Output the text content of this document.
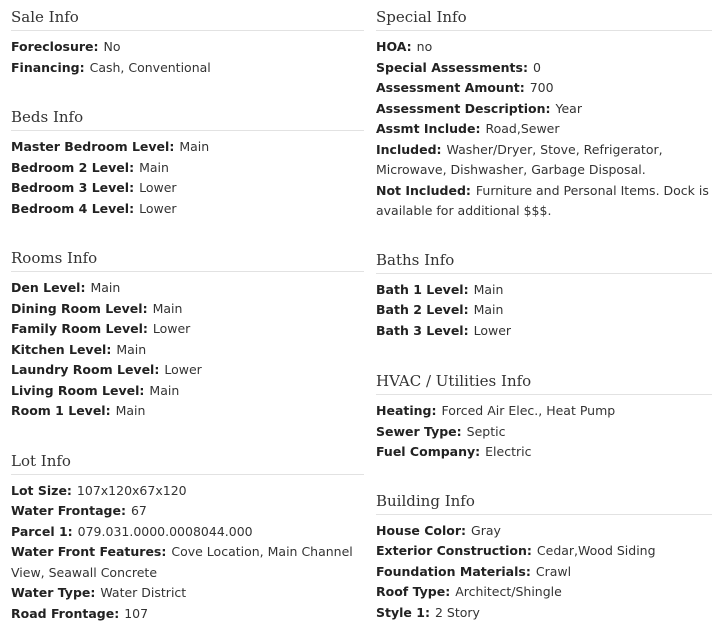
Sale Info
Foreclosure : No
Financing : Cash, Conventional
Beds Info
Master Bedroom Level : Main
Bedroom 2 Level : Main
Bedroom 3 Level : Lower
Bedroom 4 Level : Lower
Rooms Info
Den Level : Main
Dining Room Level : Main
Family Room Level : Lower
Kitchen Level : Main
Laundry Room Level : Lower
Living Room Level : Main
Room 1 Level : Main
Lot Info
Lot Size : 107x120x67x120
Water Frontage : 67
Parcel 1 : 079.031.0000.0008044.000
Water Front Features : Cove Location, Main Channel View, Seawall Concrete
Water Type : Water District
Road Frontage : 107
Special Info
HOA : no
Special Assessments : 0
Assessment Amount : 700
Assessment Description : Year
Assmt Include : Road,Sewer
Included : Washer/Dryer, Stove, Refrigerator, Microwave, Dishwasher, Garbage Disposal.
Not Included : Furniture and Personal Items. Dock is available for additional $$$.
Baths Info
Bath 1 Level : Main
Bath 2 Level : Main
Bath 3 Level : Lower
HVAC / Utilities Info
Heating : Forced Air Elec., Heat Pump
Sewer Type : Septic
Fuel Company : Electric
Building Info
House Color : Gray
Exterior Construction : Cedar,Wood Siding
Foundation Materials : Crawl
Roof Type : Architect/Shingle
Style 1 : 2 Story
